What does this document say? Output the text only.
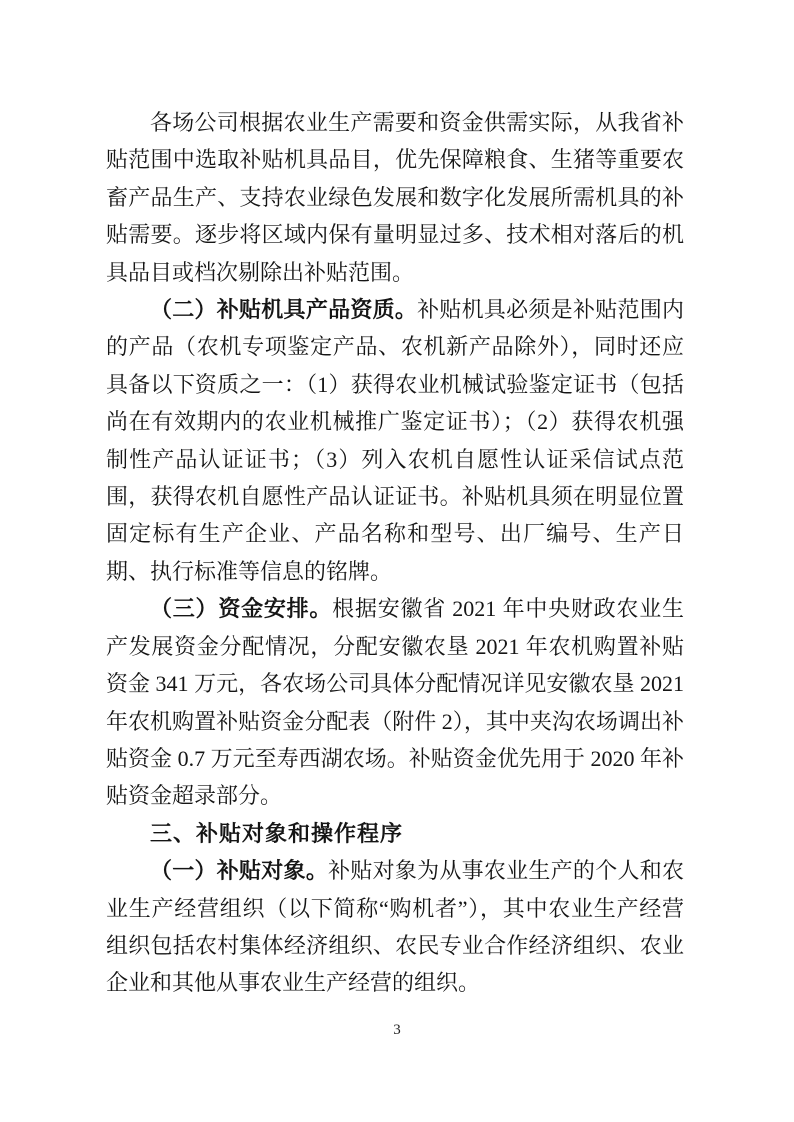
各场公司根据农业生产需要和资金供需实际，从我省补贴范围中选取补贴机具品目，优先保障粮食、生猪等重要农畜产品生产、支持农业绿色发展和数字化发展所需机具的补贴需要。逐步将区域内保有量明显过多、技术相对落后的机具品目或档次剔除出补贴范围。

（二）补贴机具产品资质。补贴机具必须是补贴范围内的产品（农机专项鉴定产品、农机新产品除外），同时还应具备以下资质之一：（1）获得农业机械试验鉴定证书（包括尚在有效期内的农业机械推广鉴定证书）；（2）获得农机强制性产品认证证书；（3）列入农机自愿性认证采信试点范围，获得农机自愿性产品认证证书。补贴机具须在明显位置固定标有生产企业、产品名称和型号、出厂编号、生产日期、执行标准等信息的铭牌。

（三）资金安排。根据安徽省 2021 年中央财政农业生产发展资金分配情况，分配安徽农垦 2021 年农机购置补贴资金 341 万元，各农场公司具体分配情况详见安徽农垦 2021 年农机购置补贴资金分配表（附件 2），其中夹沟农场调出补贴资金 0.7 万元至寿西湖农场。补贴资金优先用于 2020 年补贴资金超录部分。

三、补贴对象和操作程序

（一）补贴对象。补贴对象为从事农业生产的个人和农业生产经营组织（以下简称“购机者”），其中农业生产经营组织包括农村集体经济组织、农民专业合作经济组织、农业企业和其他从事农业生产经营的组织。

3
